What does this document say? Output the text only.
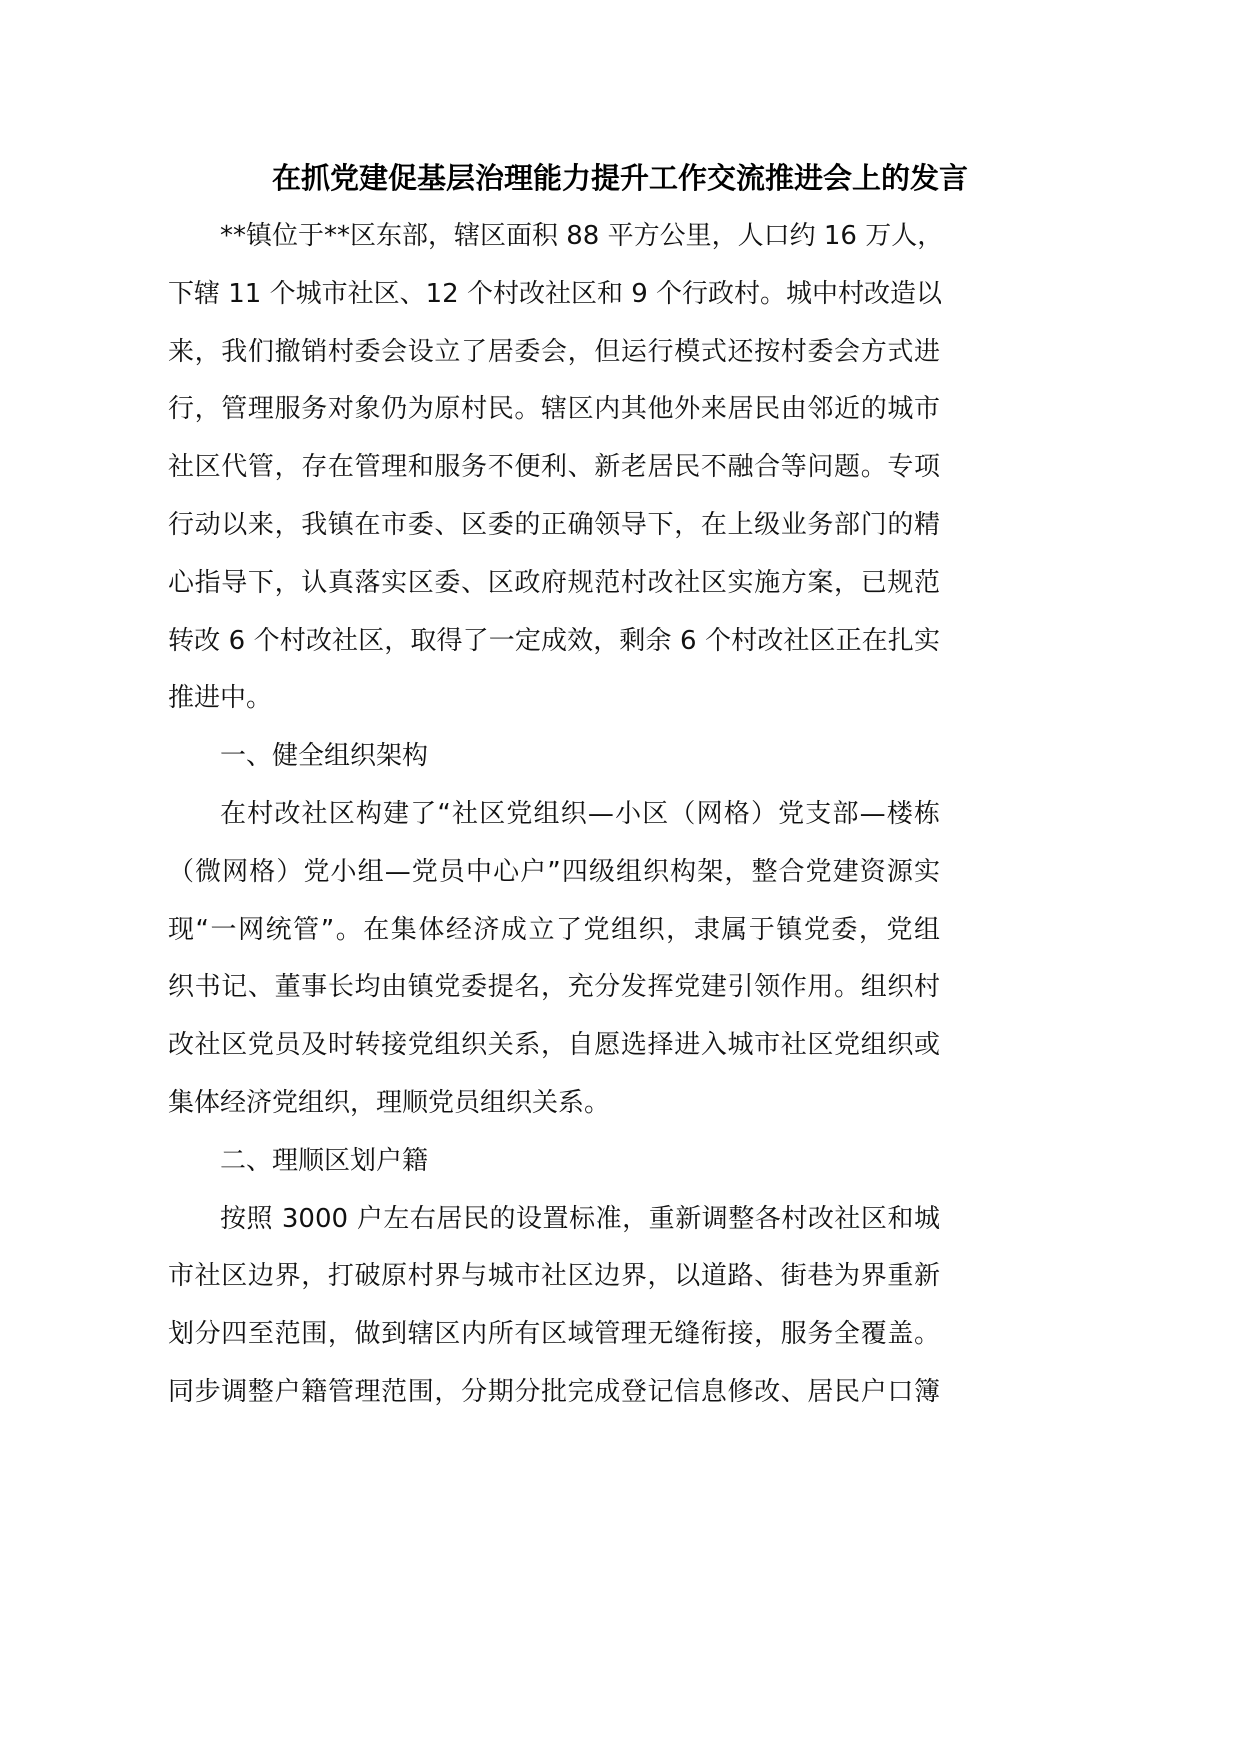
在抓党建促基层治理能力提升工作交流推进会上的发言
**镇位于**区东部，辖区面积 88 平方公里，人口约 16 万人，
下辖 11 个城市社区、12 个村改社区和 9 个行政村。城中村改造以
来，我们撤销村委会设立了居委会，但运行模式还按村委会方式进
行，管理服务对象仍为原村民。辖区内其他外来居民由邻近的城市
社区代管，存在管理和服务不便利、新老居民不融合等问题。专项
行动以来，我镇在市委、区委的正确领导下，在上级业务部门的精
心指导下，认真落实区委、区政府规范村改社区实施方案，已规范
转改 6 个村改社区，取得了一定成效，剩余 6 个村改社区正在扎实
推进中。
一、健全组织架构
在村改社区构建了“社区党组织—小区（网格）党支部—楼栋
（微网格）党小组—党员中心户”四级组织构架，整合党建资源实
现“一网统管”。在集体经济成立了党组织，隶属于镇党委，党组
织书记、董事长均由镇党委提名，充分发挥党建引领作用。组织村
改社区党员及时转接党组织关系，自愿选择进入城市社区党组织或
集体经济党组织，理顺党员组织关系。
二、理顺区划户籍
按照 3000 户左右居民的设置标准，重新调整各村改社区和城
市社区边界，打破原村界与城市社区边界，以道路、街巷为界重新
划分四至范围，做到辖区内所有区域管理无缝衔接，服务全覆盖。
同步调整户籍管理范围，分期分批完成登记信息修改、居民户口簿
